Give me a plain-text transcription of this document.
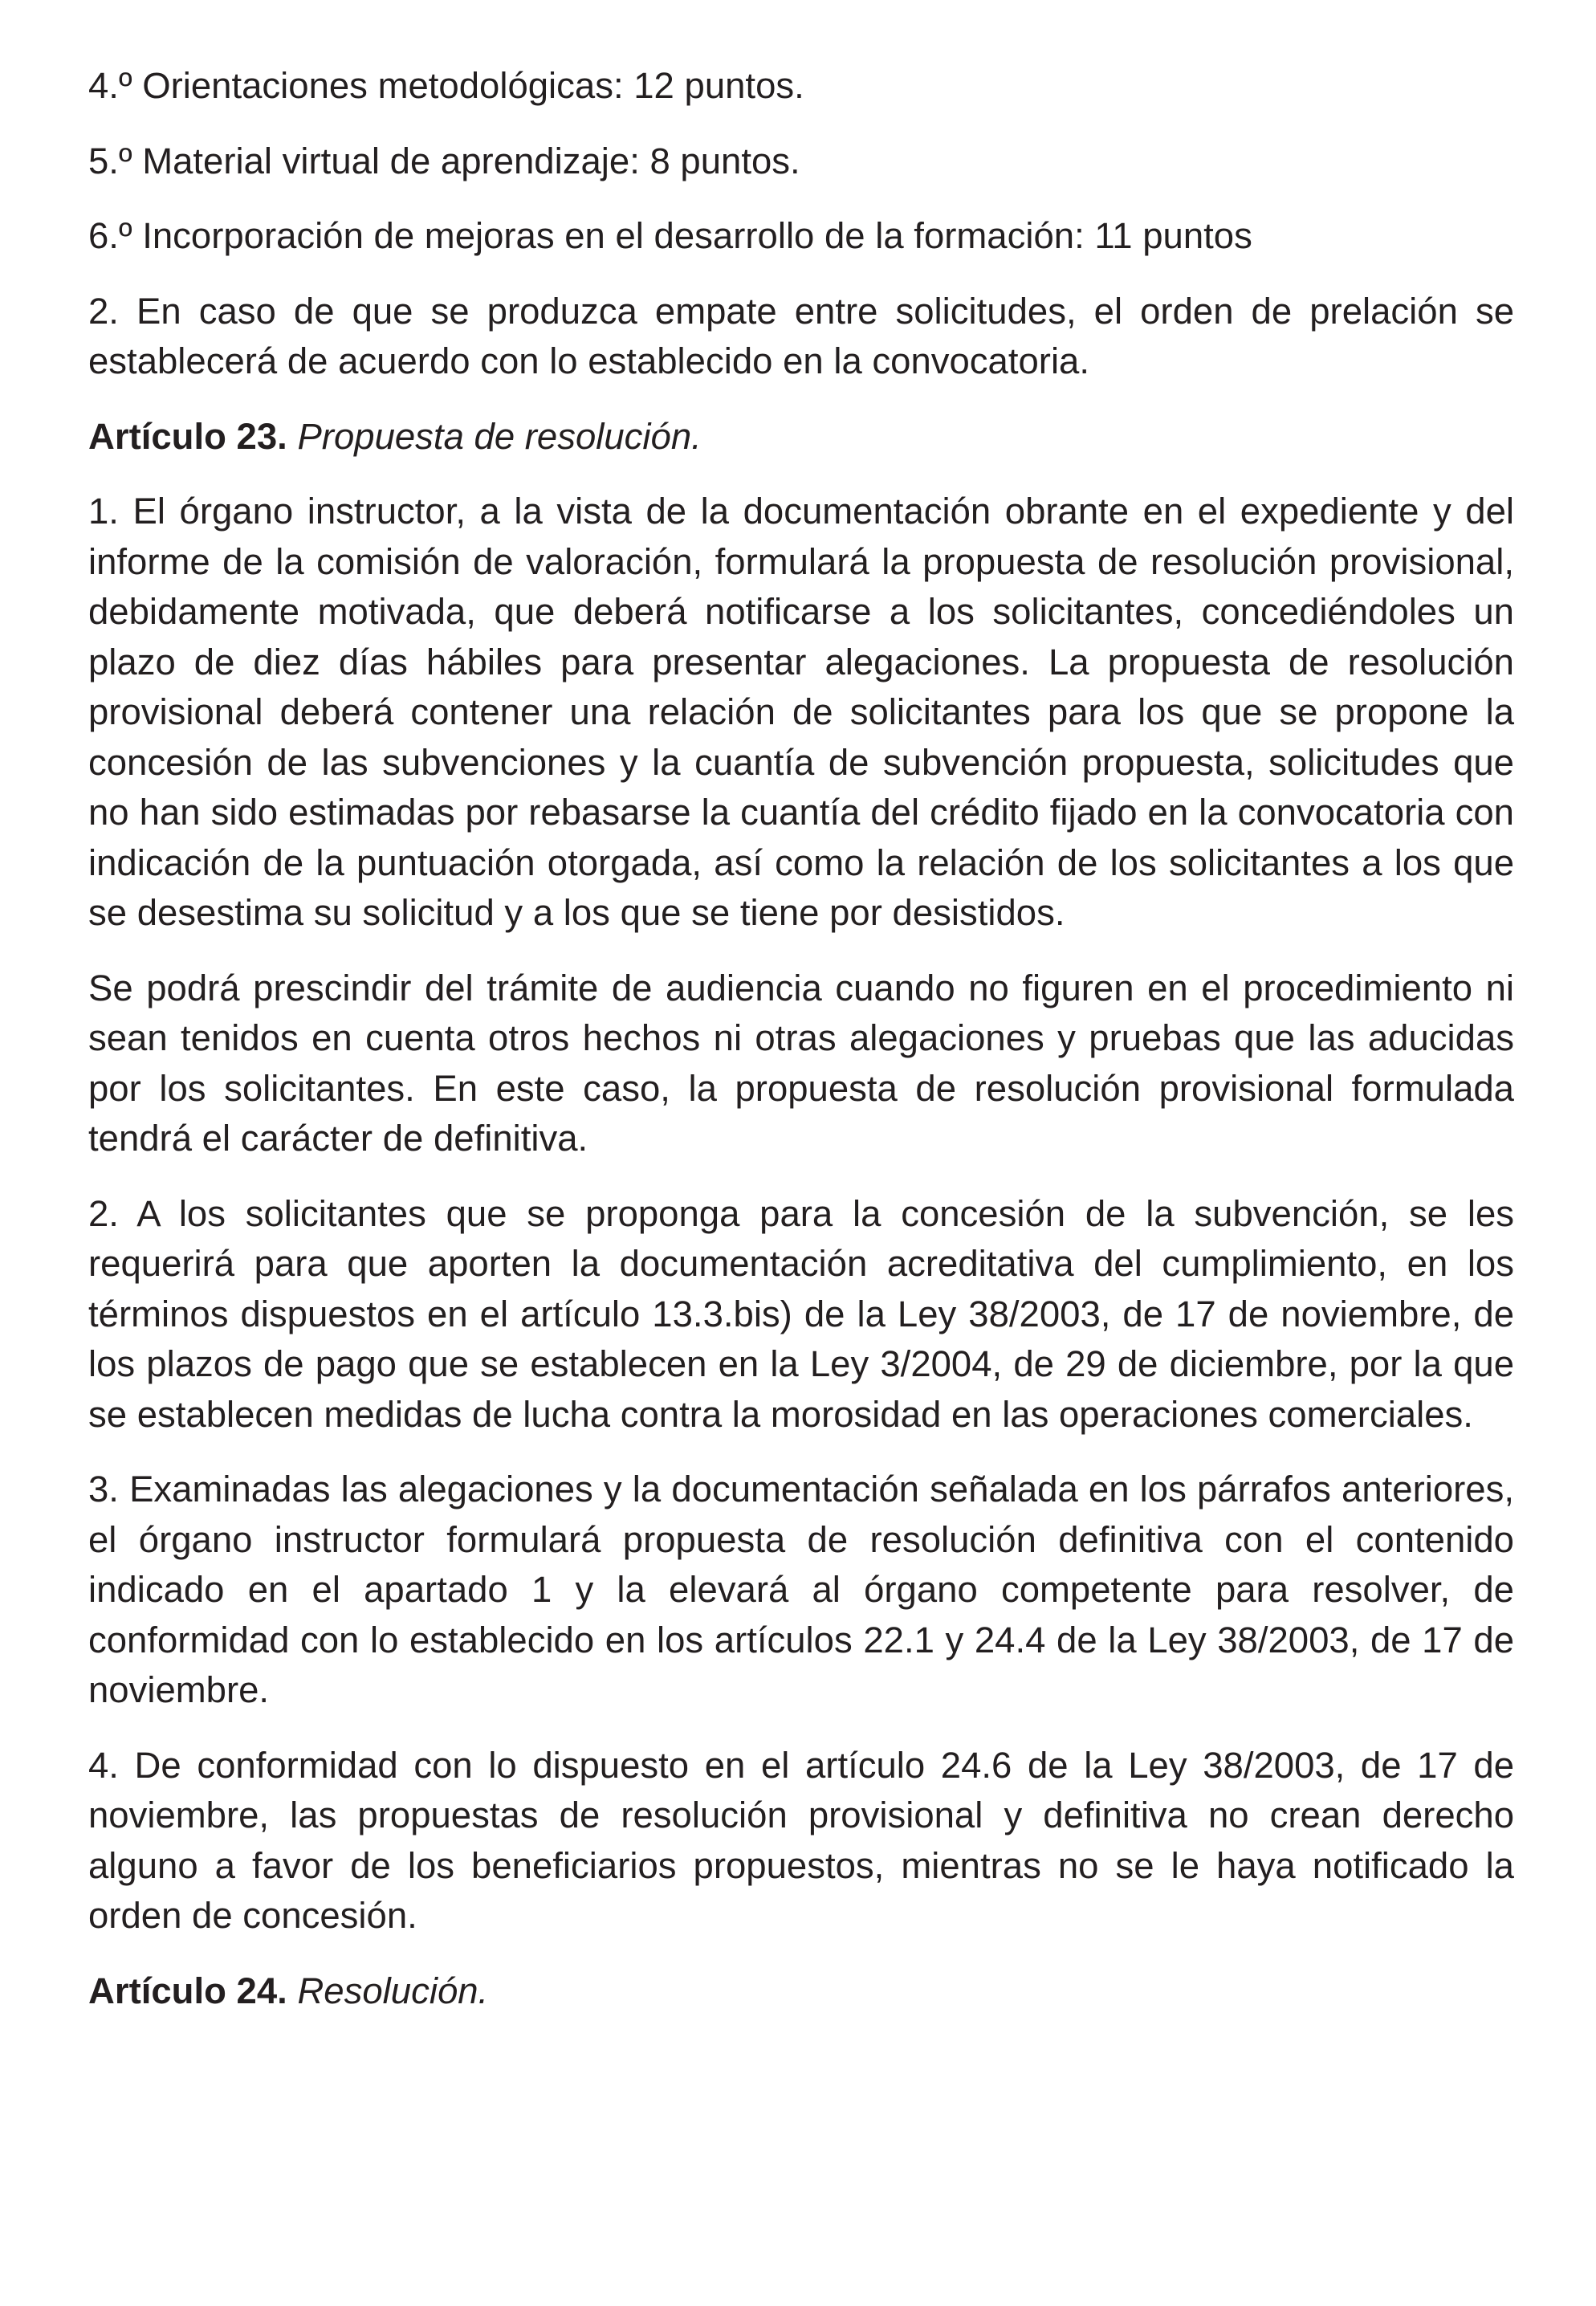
4.º Orientaciones metodológicas: 12 puntos.

5.º Material virtual de aprendizaje: 8 puntos.

6.º Incorporación de mejoras en el desarrollo de la formación: 11 puntos

2. En caso de que se produzca empate entre solicitudes, el orden de prelación se establecerá de acuerdo con lo establecido en la convocatoria.

Artículo 23. Propuesta de resolución.

1. El órgano instructor, a la vista de la documentación obrante en el expediente y del informe de la comisión de valoración, formulará la propuesta de resolución provisional, debidamente motivada, que deberá notificarse a los solicitantes, concediéndoles un plazo de diez días hábiles para presentar alegaciones. La propuesta de resolución provisional deberá contener una relación de solicitantes para los que se propone la concesión de las subvenciones y la cuantía de subvención propuesta, solicitudes que no han sido estimadas por rebasarse la cuantía del crédito fijado en la convocatoria con indicación de la puntuación otorgada, así como la relación de los solicitantes a los que se desestima su solicitud y a los que se tiene por desistidos.

Se podrá prescindir del trámite de audiencia cuando no figuren en el procedimiento ni sean tenidos en cuenta otros hechos ni otras alegaciones y pruebas que las aducidas por los solicitantes. En este caso, la propuesta de resolución provisional formulada tendrá el carácter de definitiva.

2. A los solicitantes que se proponga para la concesión de la subvención, se les requerirá para que aporten la documentación acreditativa del cumplimiento, en los términos dispuestos en el artículo 13.3.bis) de la Ley 38/2003, de 17 de noviembre, de los plazos de pago que se establecen en la Ley 3/2004, de 29 de diciembre, por la que se establecen medidas de lucha contra la morosidad en las operaciones comerciales.

3. Examinadas las alegaciones y la documentación señalada en los párrafos anteriores, el órgano instructor formulará propuesta de resolución definitiva con el contenido indicado en el apartado 1 y la elevará al órgano competente para resolver, de conformidad con lo establecido en los artículos 22.1 y 24.4 de la Ley 38/2003, de 17 de noviembre.

4. De conformidad con lo dispuesto en el artículo 24.6 de la Ley 38/2003, de 17 de noviembre, las propuestas de resolución provisional y definitiva no crean derecho alguno a favor de los beneficiarios propuestos, mientras no se le haya notificado la orden de concesión.

Artículo 24. Resolución.
